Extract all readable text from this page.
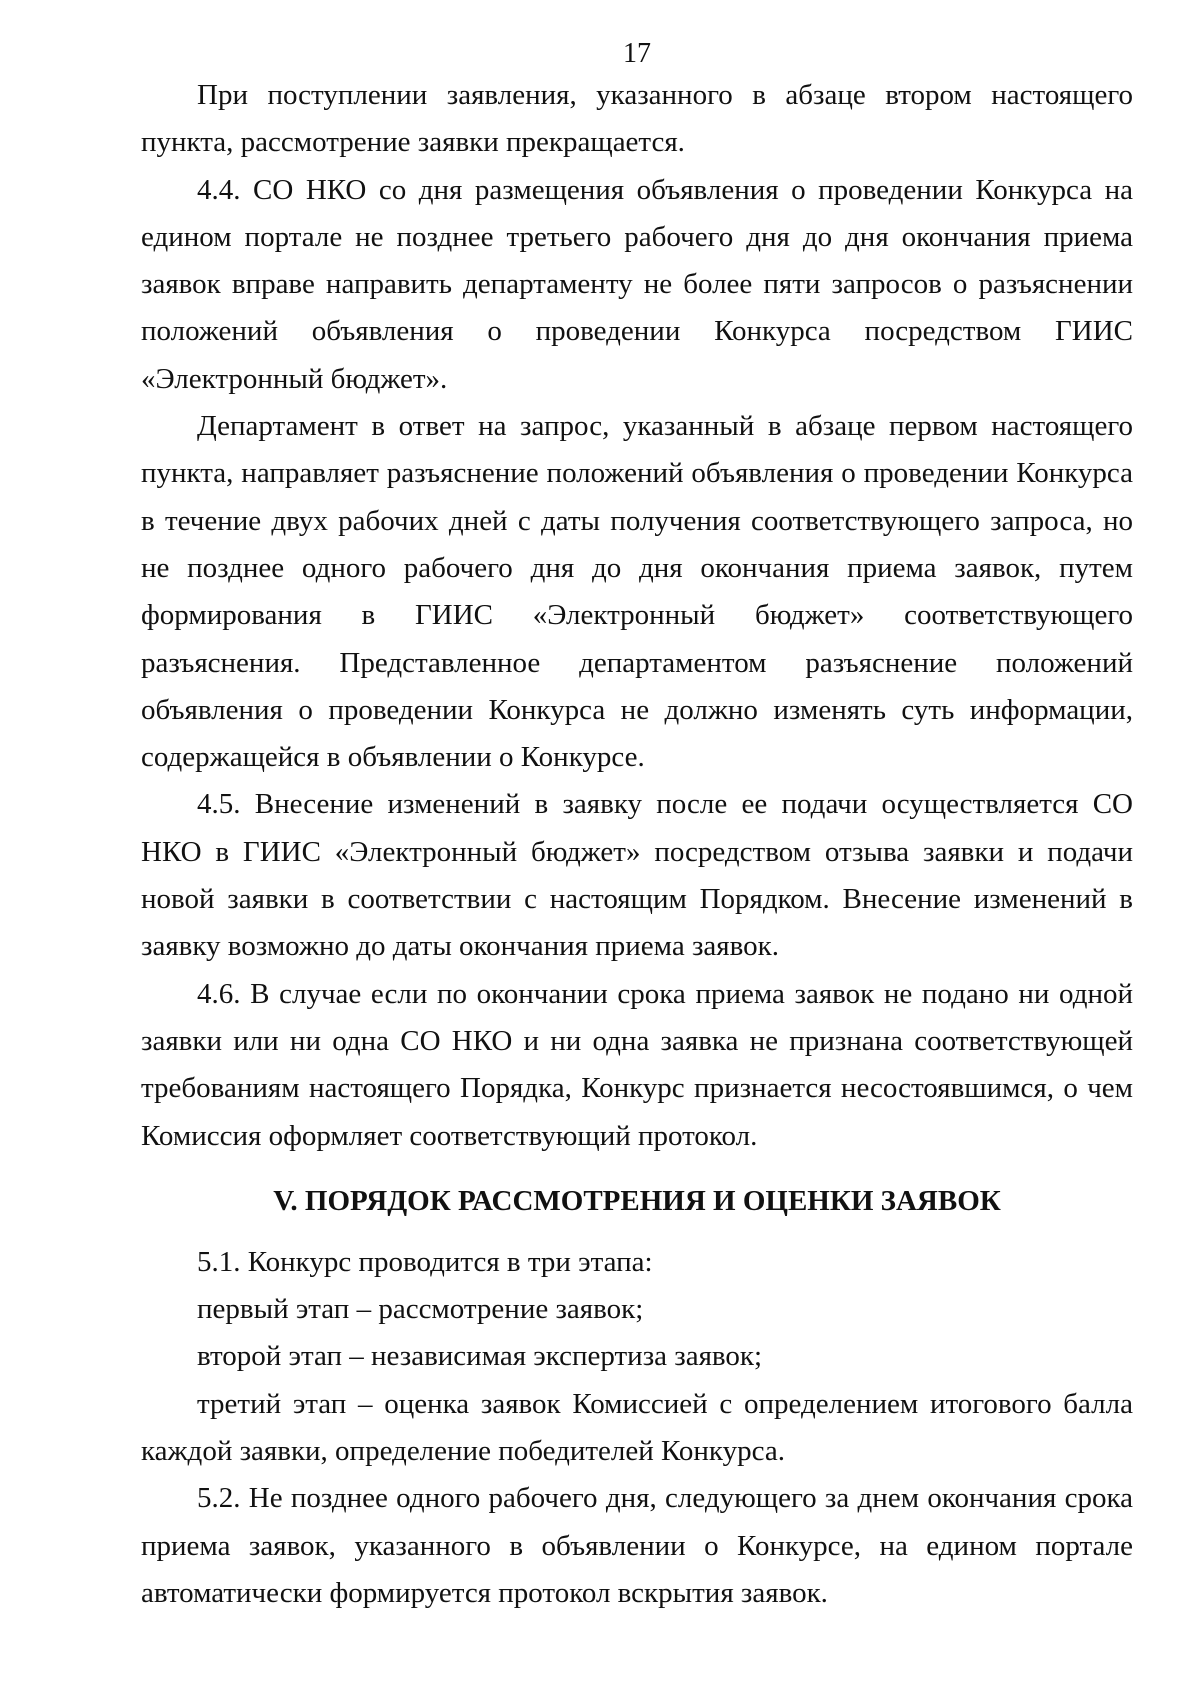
17

При поступлении заявления, указанного в абзаце втором настоящего пункта, рассмотрение заявки прекращается.

4.4. СО НКО со дня размещения объявления о проведении Конкурса на едином портале не позднее третьего рабочего дня до дня окончания приема заявок вправе направить департаменту не более пяти запросов о разъяснении положений объявления о проведении Конкурса посредством ГИИС «Электронный бюджет».

Департамент в ответ на запрос, указанный в абзаце первом настоящего пункта, направляет разъяснение положений объявления о проведении Конкурса в течение двух рабочих дней с даты получения соответствующего запроса, но не позднее одного рабочего дня до дня окончания приема заявок, путем формирования в ГИИС «Электронный бюджет» соответствующего разъяснения. Представленное департаментом разъяснение положений объявления о проведении Конкурса не должно изменять суть информации, содержащейся в объявлении о Конкурсе.

4.5. Внесение изменений в заявку после ее подачи осуществляется СО НКО в ГИИС «Электронный бюджет» посредством отзыва заявки и подачи новой заявки в соответствии с настоящим Порядком. Внесение изменений в заявку возможно до даты окончания приема заявок.

4.6. В случае если по окончании срока приема заявок не подано ни одной заявки или ни одна СО НКО и ни одна заявка не признана соответствующей требованиям настоящего Порядка, Конкурс признается несостоявшимся, о чем Комиссия оформляет соответствующий протокол.

V. ПОРЯДОК РАССМОТРЕНИЯ И ОЦЕНКИ ЗАЯВОК

5.1. Конкурс проводится в три этапа:

первый этап – рассмотрение заявок;

второй этап – независимая экспертиза заявок;

третий этап – оценка заявок Комиссией с определением итогового балла каждой заявки, определение победителей Конкурса.

5.2. Не позднее одного рабочего дня, следующего за днем окончания срока приема заявок, указанного в объявлении о Конкурсе, на едином портале автоматически формируется протокол вскрытия заявок.
